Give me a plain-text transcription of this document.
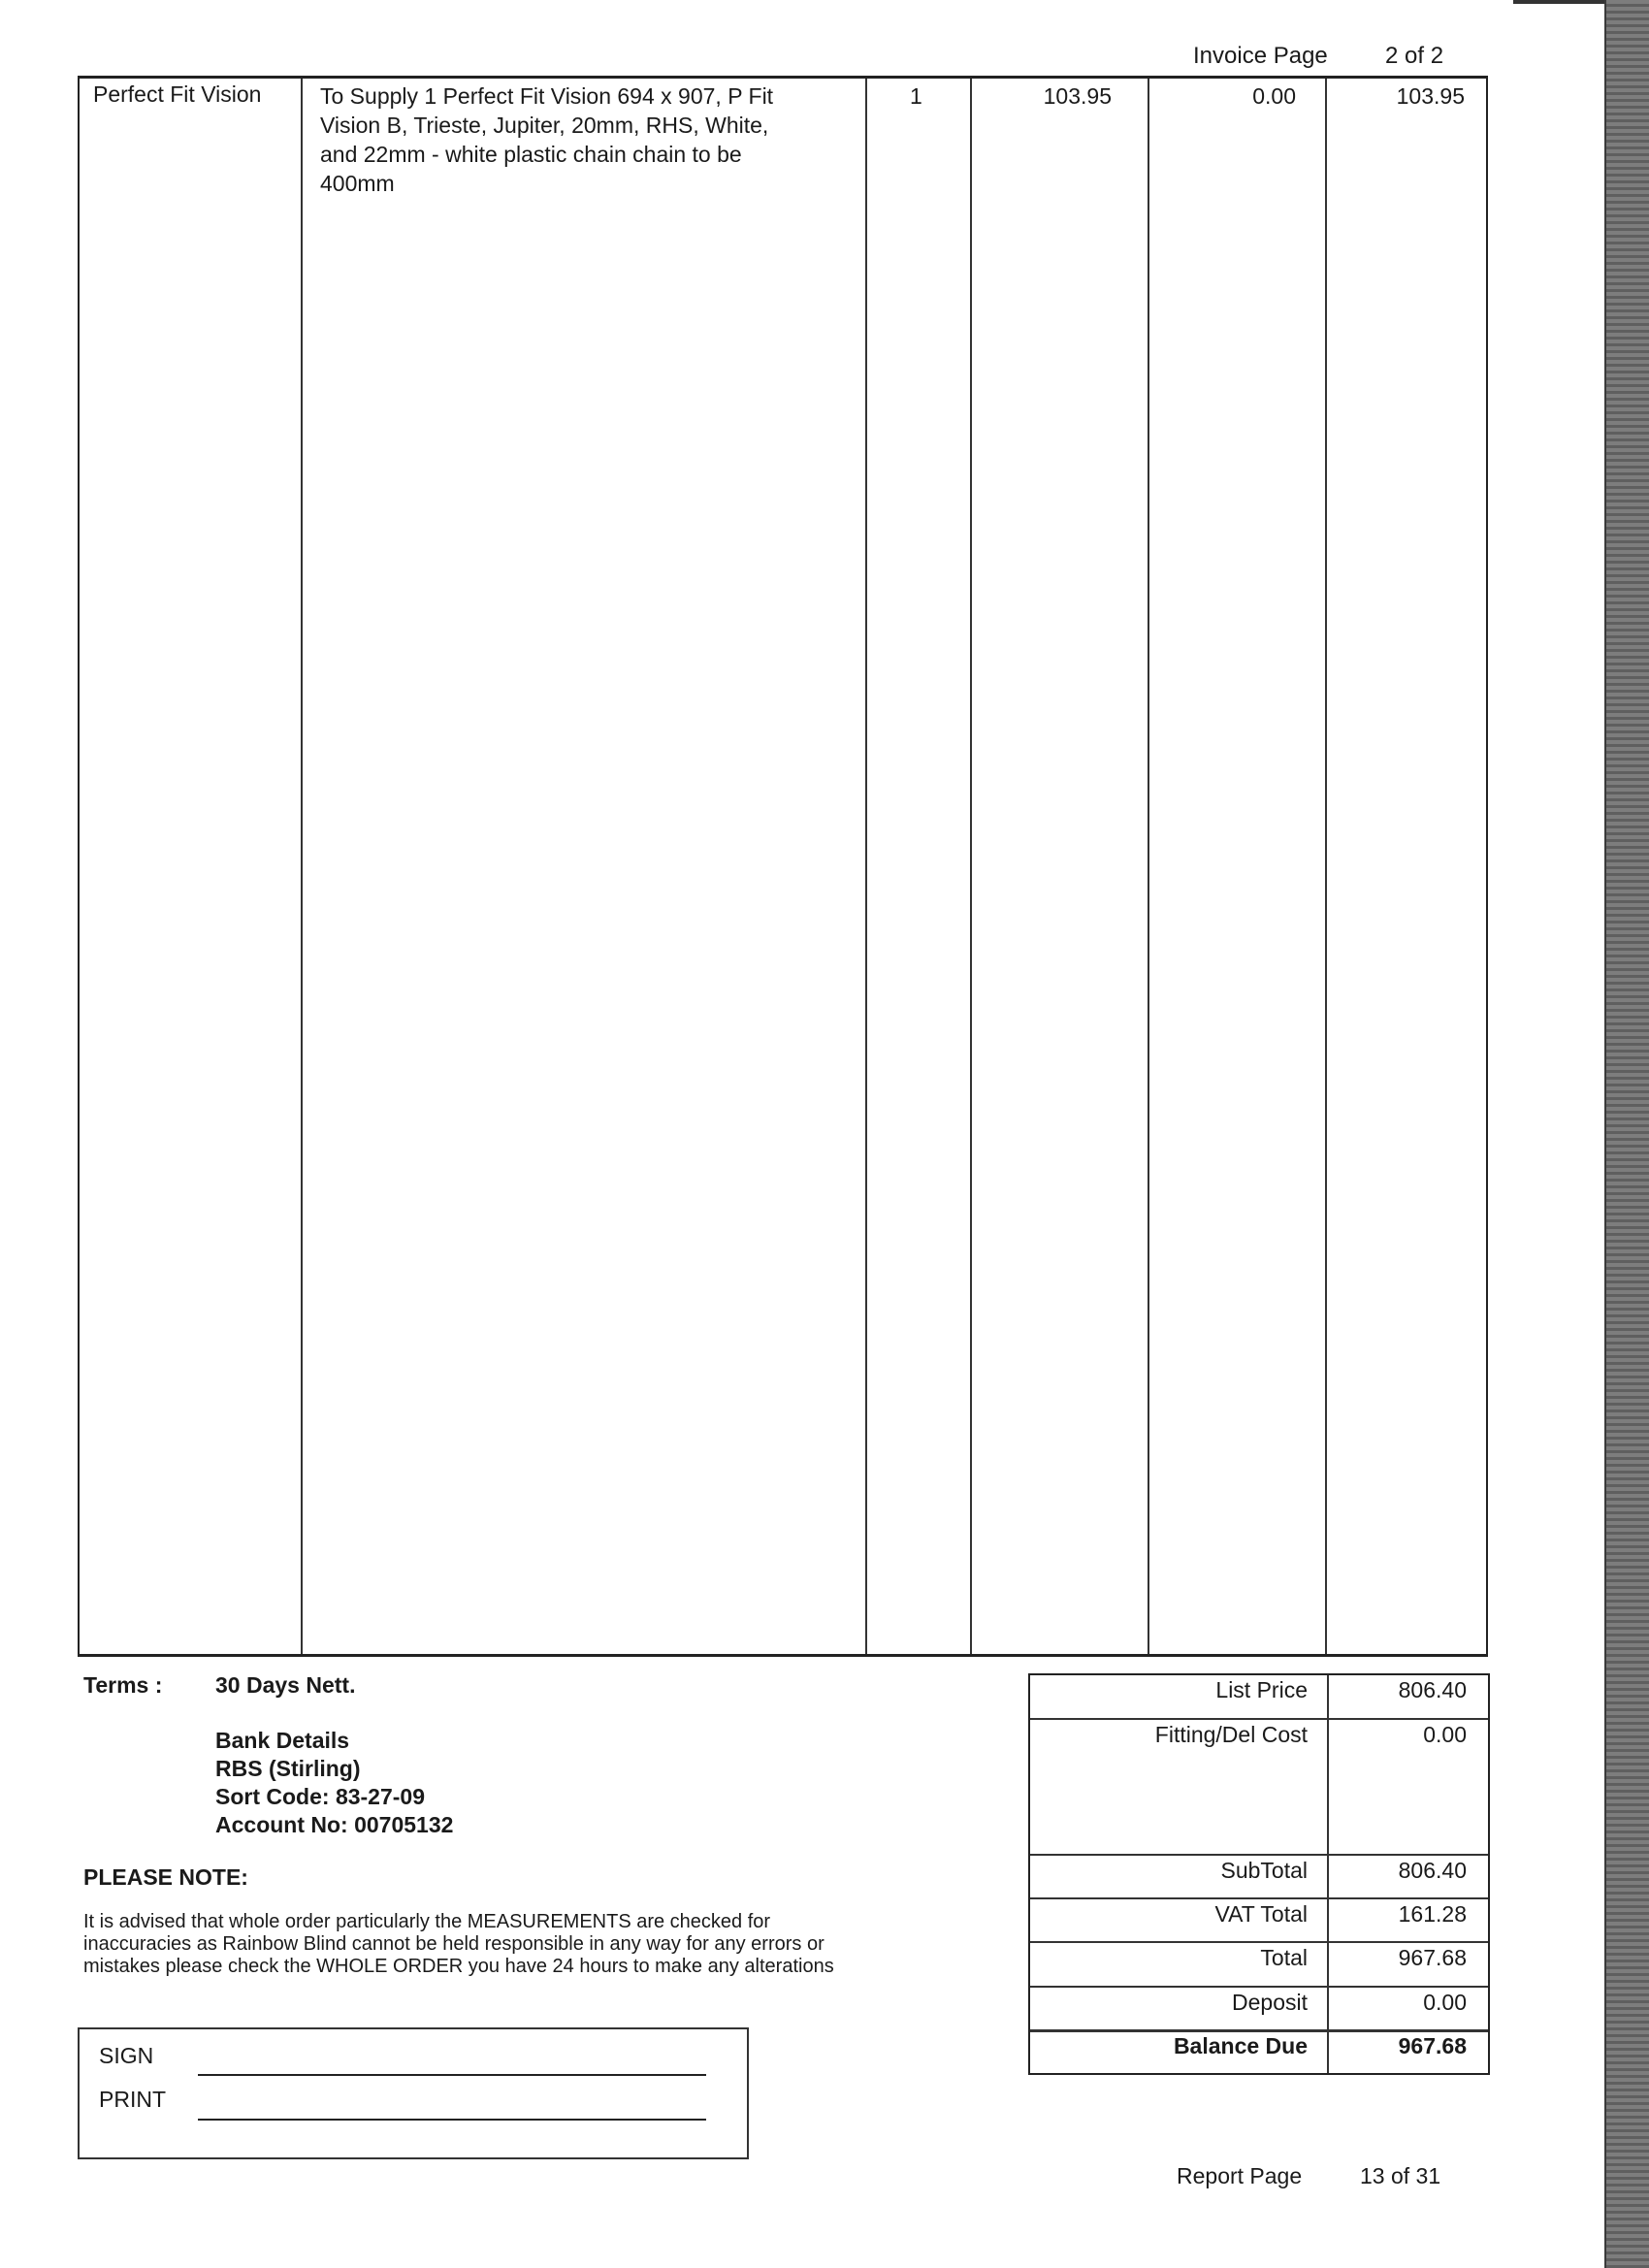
Invoice Page 2 of 2
Perfect Fit Vision	To Supply 1 Perfect Fit Vision 694 x 907, P Fit
Vision B, Trieste, Jupiter, 20mm, RHS, White,
and 22mm - white plastic chain chain to be
400mm
1	103.95	0.00	103.95
Terms : 30 Days Nett.
Bank Details
RBS (Stirling)
Sort Code: 83-27-09
Account No: 00705132
PLEASE NOTE:
It is advised that whole order particularly the MEASUREMENTS are checked for
inaccuracies as Rainbow Blind cannot be held responsible in any way for any errors or
mistakes please check the WHOLE ORDER you have 24 hours to make any alterations
SIGN
PRINT
List Price	806.40
Fitting/Del Cost	0.00
SubTotal	806.40
VAT Total	161.28
Total	967.68
Deposit	0.00
Balance Due	967.68
Report Page	13 of 31
